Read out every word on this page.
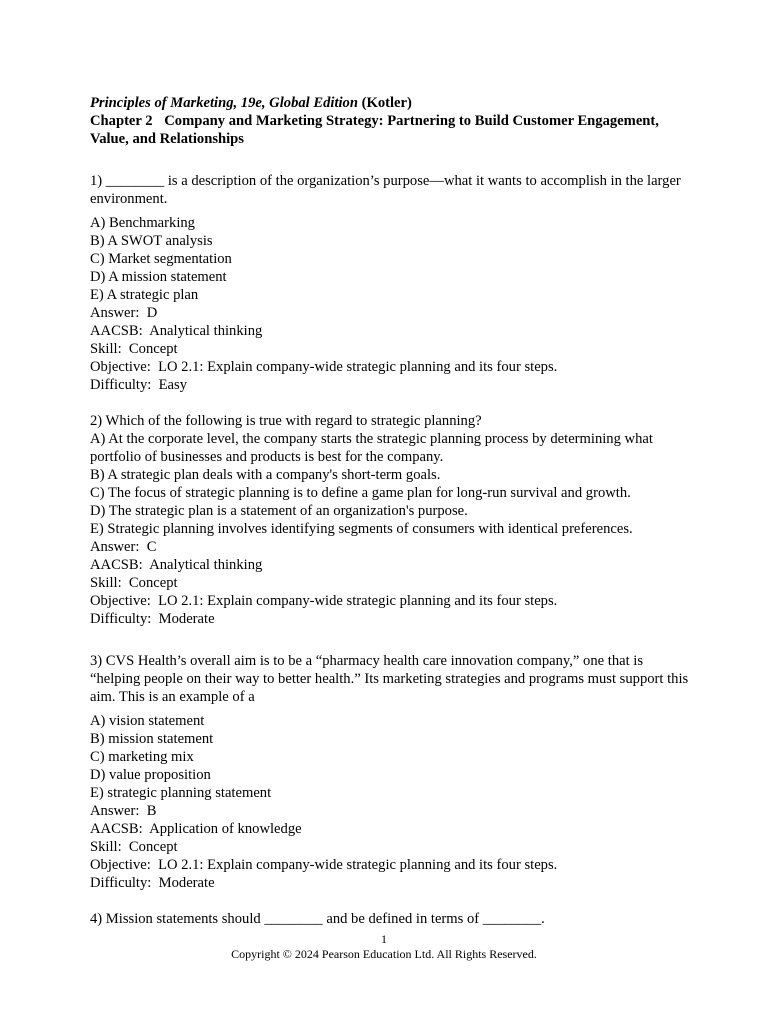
Principles of Marketing, 19e, Global Edition (Kotler)

Chapter 2 Company and Marketing Strategy: Partnering to Build Customer Engagement, Value, and Relationships

1) ________ is a description of the organization’s purpose—what it wants to accomplish in the larger environment.

A) Benchmarking

B) A SWOT analysis

C) Market segmentation

D) A mission statement

E) A strategic plan

Answer:  D

AACSB:  Analytical thinking

Skill:  Concept

Objective:  LO 2.1: Explain company-wide strategic planning and its four steps.

Difficulty:  Easy

2) Which of the following is true with regard to strategic planning?

A) At the corporate level, the company starts the strategic planning process by determining what portfolio of businesses and products is best for the company.

B) A strategic plan deals with a company's short-term goals.

C) The focus of strategic planning is to define a game plan for long-run survival and growth.

D) The strategic plan is a statement of an organization's purpose.

E) Strategic planning involves identifying segments of consumers with identical preferences.

Answer:  C

AACSB:  Analytical thinking

Skill:  Concept

Objective:  LO 2.1: Explain company-wide strategic planning and its four steps.

Difficulty:  Moderate

3) CVS Health’s overall aim is to be a “pharmacy health care innovation company,” one that is “helping people on their way to better health.” Its marketing strategies and programs must support this aim. This is an example of a

A) vision statement

B) mission statement

C) marketing mix

D) value proposition

E) strategic planning statement

Answer:  B

AACSB:  Application of knowledge

Skill:  Concept

Objective:  LO 2.1: Explain company-wide strategic planning and its four steps.

Difficulty:  Moderate

4) Mission statements should ________ and be defined in terms of ________.

1
Copyright © 2024 Pearson Education Ltd. All Rights Reserved.
